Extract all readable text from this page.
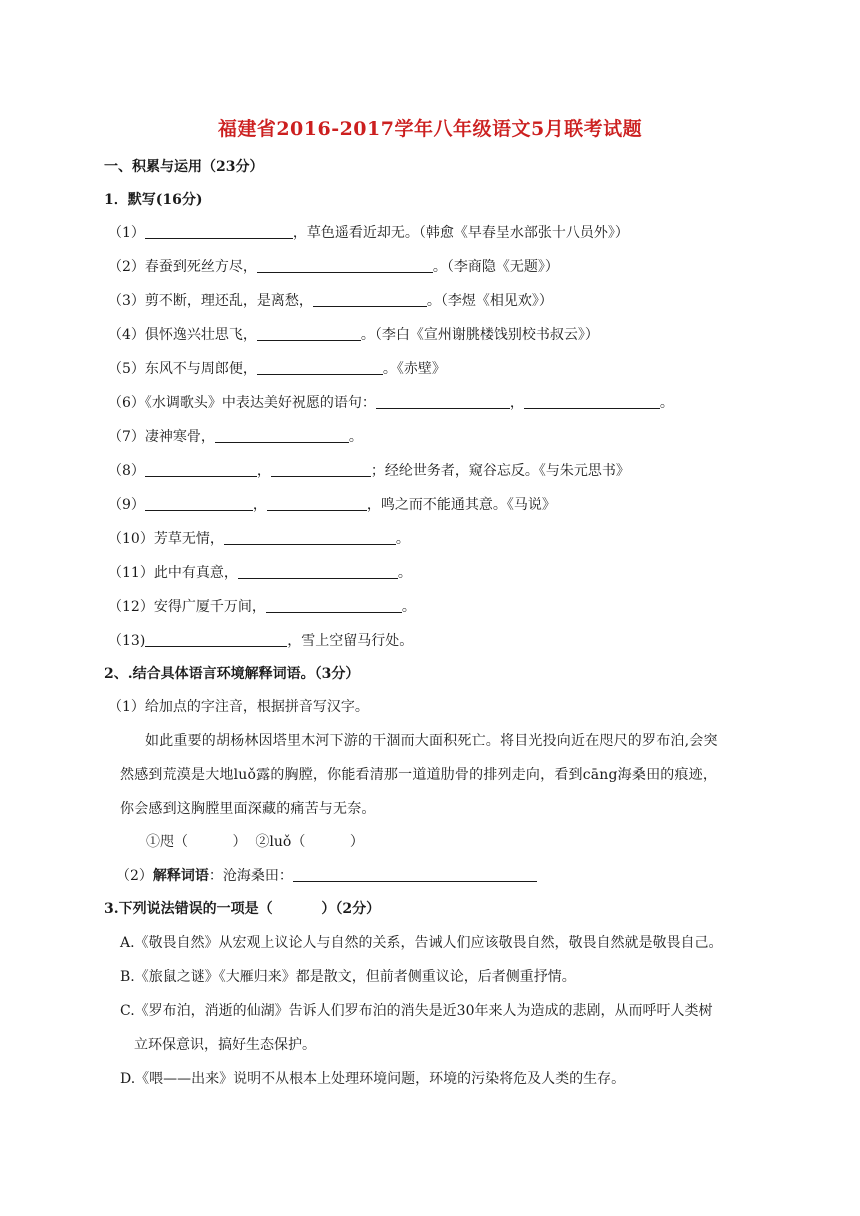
福建省2016-2017学年八年级语文5月联考试题
一、积累与运用（23分）
1．默写(16分)
（1）	，草色遥看近却无。（韩愈《早春呈水部张十八员外》）
（2）春蚕到死丝方尽，	。（李商隐《无题》）
（3）剪不断，理还乱，是离愁，	。（李煜《相见欢》）
（4）俱怀逸兴壮思飞，	。（李白《宣州谢朓楼饯别校书叔云》）
（5）东风不与周郎便，	。《赤壁》
（6）《水调歌头》中表达美好祝愿的语句：	，	。
（7）凄神寒骨，	。
（8）	，	；经纶世务者，窥谷忘反。《与朱元思书》
（9）	，	，鸣之而不能通其意。《马说》
（10）芳草无情，	。
（11）此中有真意，	。
（12）安得广厦千万间，	。
（13)	，雪上空留马行处。
2、.结合具体语言环境解释词语。（3分）
（1）给加点的字注音，根据拼音写汉字。
如此重要的胡杨林因塔里木河下游的干涸而大面积死亡。将目光投向近在咫尺的罗布泊,会突
然感到荒漠是大地luǒ露的胸膛，你能看清那一道道肋骨的排列走向，看到cāng海桑田的痕迹，
你会感到这胸膛里面深藏的痛苦与无奈。
①咫（          ）  ②luǒ（          ）
（2）解释词语：沧海桑田：
3.下列说法错误的一项是（          ）（2分）
A.《敬畏自然》从宏观上议论人与自然的关系，告诫人们应该敬畏自然，敬畏自然就是敬畏自己。
B.《旅鼠之谜》《大雁归来》都是散文，但前者侧重议论，后者侧重抒情。
C.《罗布泊，消逝的仙湖》告诉人们罗布泊的消失是近30年来人为造成的悲剧，从而呼吁人类树
立环保意识，搞好生态保护。
D.《喂——出来》说明不从根本上处理环境问题，环境的污染将危及人类的生存。
